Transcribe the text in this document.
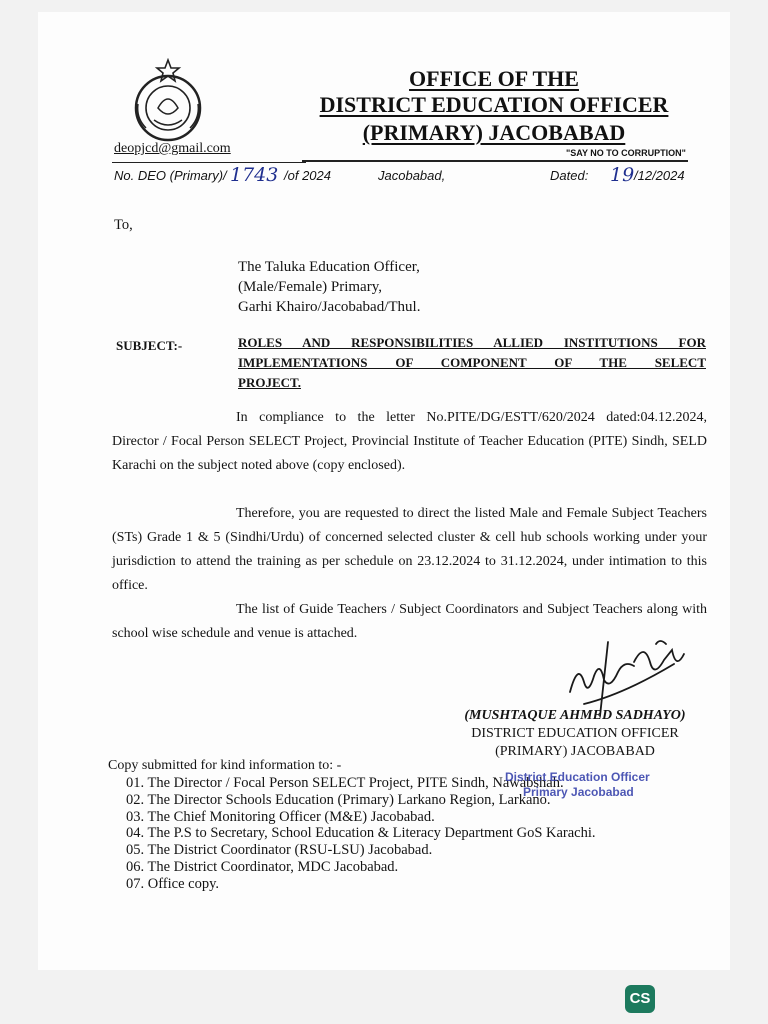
OFFICE OF THE
DISTRICT EDUCATION OFFICER
(PRIMARY) JACOBABAD
deopjcd@gmail.com	"SAY NO TO CORRUPTION"
No. DEO (Primary)/ 1743 /of 2024	Jacobabad,	Dated: 19 /12/2024
To,
The Taluka Education Officer,
(Male/Female) Primary,
Garhi Khairo/Jacobabad/Thul.
SUBJECT:-	ROLES AND RESPONSIBILITIES ALLIED INSTITUTIONS FOR
IMPLEMENTATIONS OF COMPONENT OF THE SELECT
PROJECT.
In compliance to the letter No.PITE/DG/ESTT/620/2024 dated:04.12.2024, Director / Focal Person SELECT Project, Provincial Institute of Teacher Education (PITE) Sindh, SELD Karachi on the subject noted above (copy enclosed).
Therefore, you are requested to direct the listed Male and Female Subject Teachers (STs) Grade 1 & 5 (Sindhi/Urdu) of concerned selected cluster & cell hub schools working under your jurisdiction to attend the training as per schedule on 23.12.2024 to 31.12.2024, under intimation to this office.
The list of Guide Teachers / Subject Coordinators and Subject Teachers along with school wise schedule and venue is attached.
(MUSHTAQUE AHMED SADHAYO)
DISTRICT EDUCATION OFFICER
(PRIMARY) JACOBABAD
Copy submitted for kind information to: -
01. The Director / Focal Person SELECT Project, PITE Sindh, Nawabshah.
02. The Director Schools Education (Primary) Larkano Region, Larkano.
03. The Chief Monitoring Officer (M&E) Jacobabad.
04. The P.S to Secretary, School Education & Literacy Department GoS Karachi.
05. The District Coordinator (RSU-LSU) Jacobabad.
06. The District Coordinator, MDC Jacobabad.
07. Office copy.
District Education Officer
Primary Jacobabad
CS
